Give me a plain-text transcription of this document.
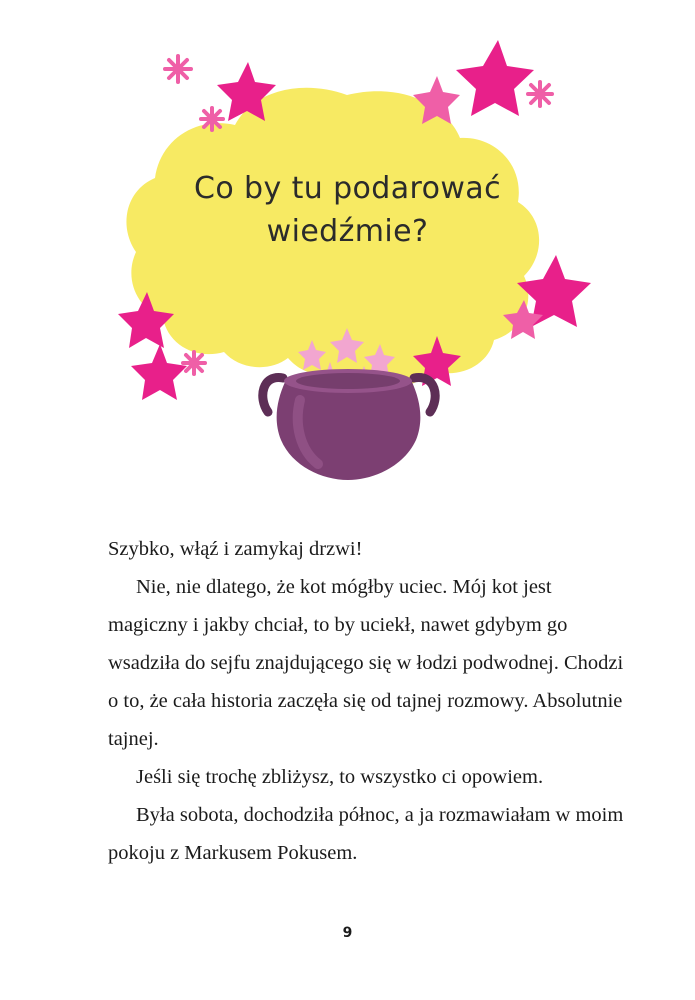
Co by tu podarować
wiedźmie?

Szybko, włąź i zamykaj drzwi!

Nie, nie dlatego, że kot mógłby uciec. Mój kot jest magiczny i jakby chciał, to by uciekł, nawet gdybym go wsadziła do sejfu znajdującego się w łodzi podwodnej. Chodzi o to, że cała historia zaczęła się od tajnej rozmowy. Absolutnie tajnej.

Jeśli się trochę zbliżysz, to wszystko ci opowiem.

Była sobota, dochodziła północ, a ja rozmawiałam w moim pokoju z Markusem Pokusem.

9
